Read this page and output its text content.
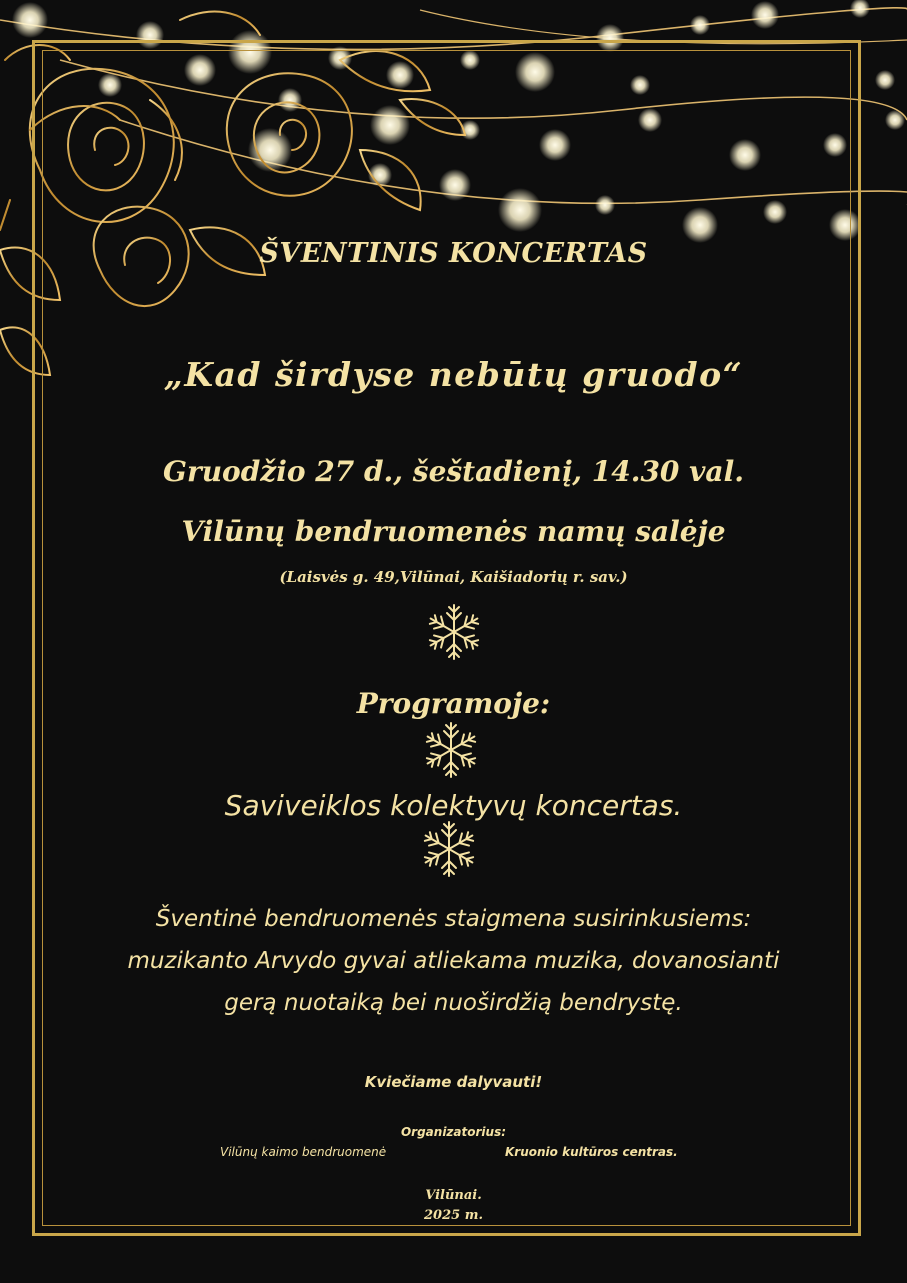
ŠVENTINIS KONCERTAS
„Kad širdyse nebūtų gruodo“
Gruodžio 27 d., šeštadienį, 14.30 val.
Vilūnų bendruomenės namų salėje
(Laisvės g. 49,Vilūnai, Kaišiadorių r. sav.)
Programoje:
Saviveiklos kolektyvų koncertas.
Šventinė bendruomenės staigmena susirinkusiems:
muzikanto Arvydo gyvai atliekama muzika, dovanosianti
gerą nuotaiką bei nuoširdžią bendrystę.
Kviečiame dalyvauti!
Organizatorius:
Vilūnų kaimo bendruomenė	Kruonio kultūros centras.
Vilūnai.
2025 m.
